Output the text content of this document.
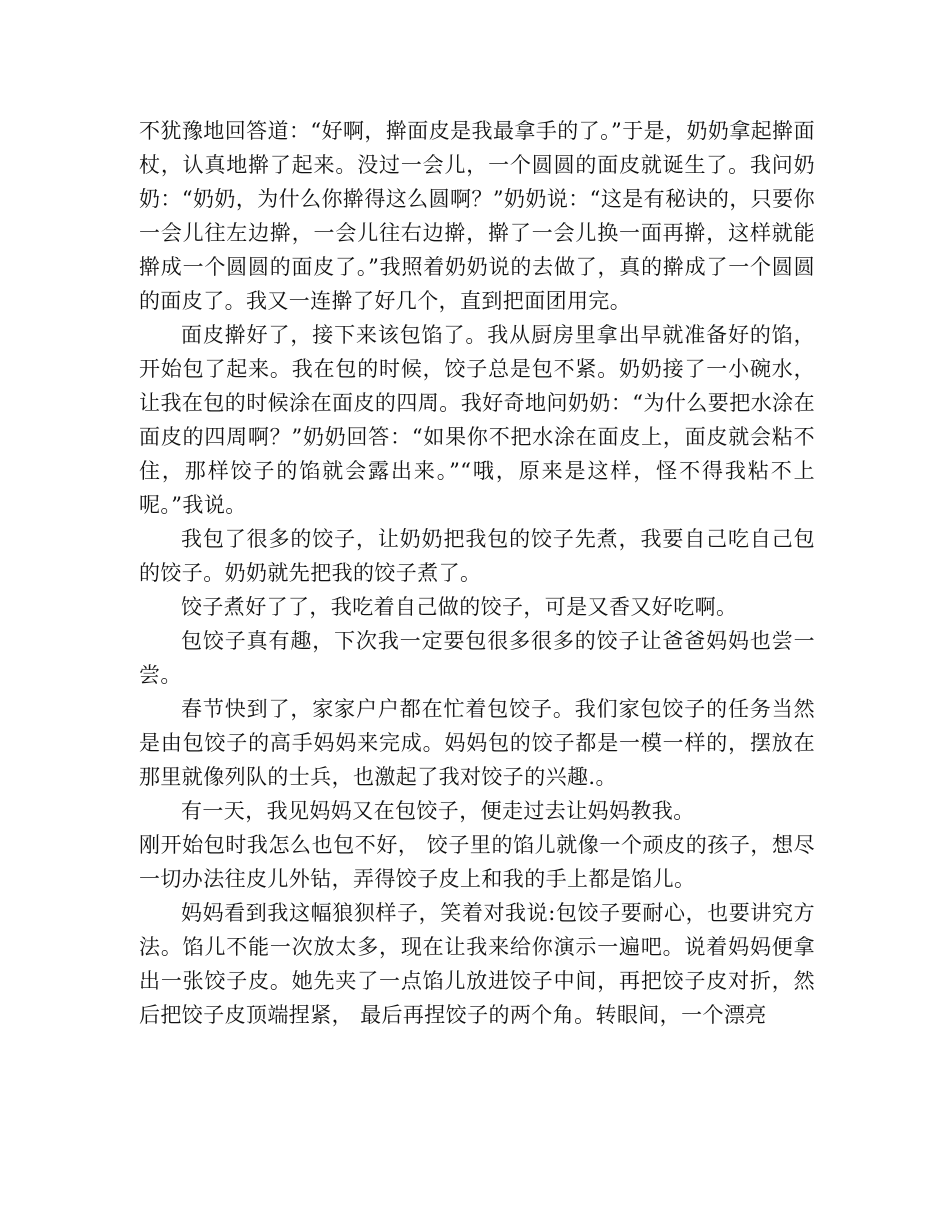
不犹豫地回答道：“好啊，擀面皮是我最拿手的了。”于是，奶奶拿起擀面杖，认真地擀了起来。没过一会儿，一个圆圆的面皮就诞生了。我问奶奶：“奶奶，为什么你擀得这么圆啊？”奶奶说：“这是有秘诀的，只要你一会儿往左边擀，一会儿往右边擀，擀了一会儿换一面再擀，这样就能擀成一个圆圆的面皮了。”我照着奶奶说的去做了，真的擀成了一个圆圆的面皮了。我又一连擀了好几个，直到把面团用完。

面皮擀好了，接下来该包馅了。我从厨房里拿出早就准备好的馅，开始包了起来。我在包的时候，饺子总是包不紧。奶奶接了一小碗水，让我在包的时候涂在面皮的四周。我好奇地问奶奶：“为什么要把水涂在面皮的四周啊？”奶奶回答：“如果你不把水涂在面皮上，面皮就会粘不住，那样饺子的馅就会露出来。”“哦，原来是这样，怪不得我粘不上呢。”我说。

我包了很多的饺子，让奶奶把我包的饺子先煮，我要自己吃自己包的饺子。奶奶就先把我的饺子煮了。

饺子煮好了了，我吃着自己做的饺子，可是又香又好吃啊。

包饺子真有趣，下次我一定要包很多很多的饺子让爸爸妈妈也尝一尝。

春节快到了，家家户户都在忙着包饺子。我们家包饺子的任务当然是由包饺子的高手妈妈来完成。妈妈包的饺子都是一模一样的，摆放在那里就像列队的士兵，也激起了我对饺子的兴趣.。

有一天，我见妈妈又在包饺子，便走过去让妈妈教我。

刚开始包时我怎么也包不好， 饺子里的馅儿就像一个顽皮的孩子，想尽一切办法往皮儿外钻，弄得饺子皮上和我的手上都是馅儿。

妈妈看到我这幅狼狈样子，笑着对我说:包饺子要耐心，也要讲究方法。馅儿不能一次放太多，现在让我来给你演示一遍吧。说着妈妈便拿出一张饺子皮。她先夹了一点馅儿放进饺子中间，再把饺子皮对折，然后把饺子皮顶端捏紧， 最后再捏饺子的两个角。转眼间，一个漂亮
